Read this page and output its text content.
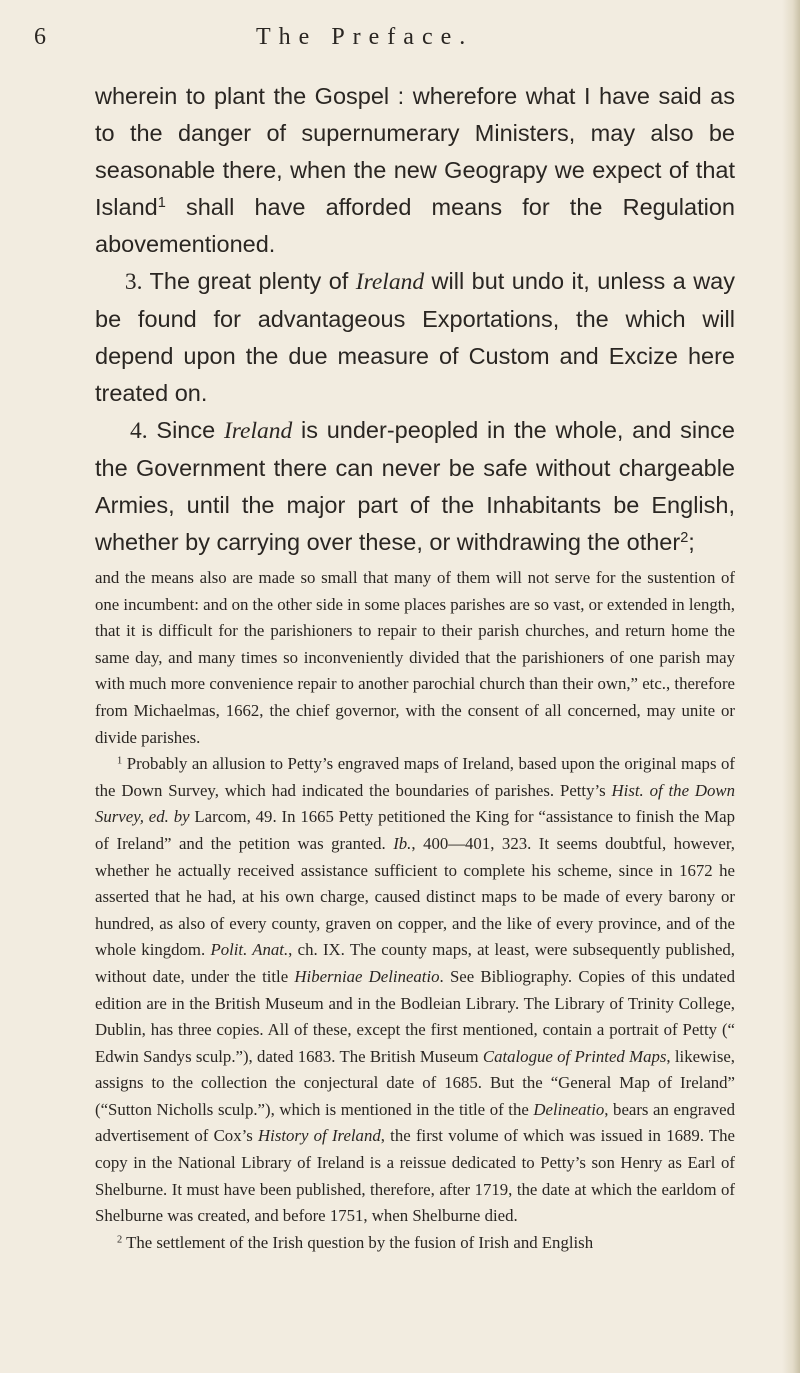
6	The Preface.

wherein to plant the Gospel : wherefore what I have said as to the danger of supernumerary Ministers, may also be seasonable there, when the new Geograpy we expect of that Island$^1$ shall have afforded means for the Regulation abovementioned.

3. The great plenty of Ireland will but undo it, unless a way be found for advantageous Exportations, the which will depend upon the due measure of Custom and Excize here treated on.

4. Since Ireland is under-peopled in the whole, and since the Government there can never be safe without chargeable Armies, until the major part of the Inhabitants be English, whether by carrying over these, or withdrawing the other$^2$;

and the means also are made so small that many of them will not serve for the sustention of one incumbent: and on the other side in some places parishes are so vast, or extended in length, that it is difficult for the parishioners to repair to their parish churches, and return home the same day, and many times so inconveniently divided that the parishioners of one parish may with much more convenience repair to another parochial church than their own,” etc., therefore from Michaelmas, 1662, the chief governor, with the consent of all concerned, may unite or divide parishes.

$^1$ Probably an allusion to Petty’s engraved maps of Ireland, based upon the original maps of the Down Survey, which had indicated the boundaries of parishes. Petty’s Hist. of the Down Survey, ed. by Larcom, 49. In 1665 Petty petitioned the King for “assistance to finish the Map of Ireland” and the petition was granted. Ib., 400—401, 323. It seems doubtful, however, whether he actually received assistance sufficient to complete his scheme, since in 1672 he asserted that he had, at his own charge, caused distinct maps to be made of every barony or hundred, as also of every county, graven on copper, and the like of every province, and of the whole kingdom. Polit. Anat., ch. IX. The county maps, at least, were subsequently published, without date, under the title Hiberniae Delineatio. See Bibliography. Copies of this undated edition are in the British Museum and in the Bodleian Library. The Library of Trinity College, Dublin, has three copies. All of these, except the first mentioned, contain a portrait of Petty (“ Edwin Sandys sculp.”), dated 1683. The British Museum Catalogue of Printed Maps, likewise, assigns to the collection the conjectural date of 1685. But the “General Map of Ireland” (“Sutton Nicholls sculp.”), which is mentioned in the title of the Delineatio, bears an engraved advertisement of Cox’s History of Ireland, the first volume of which was issued in 1689. The copy in the National Library of Ireland is a reissue dedicated to Petty’s son Henry as Earl of Shelburne. It must have been published, therefore, after 1719, the date at which the earldom of Shelburne was created, and before 1751, when Shelburne died.

$^2$ The settlement of the Irish question by the fusion of Irish and English
